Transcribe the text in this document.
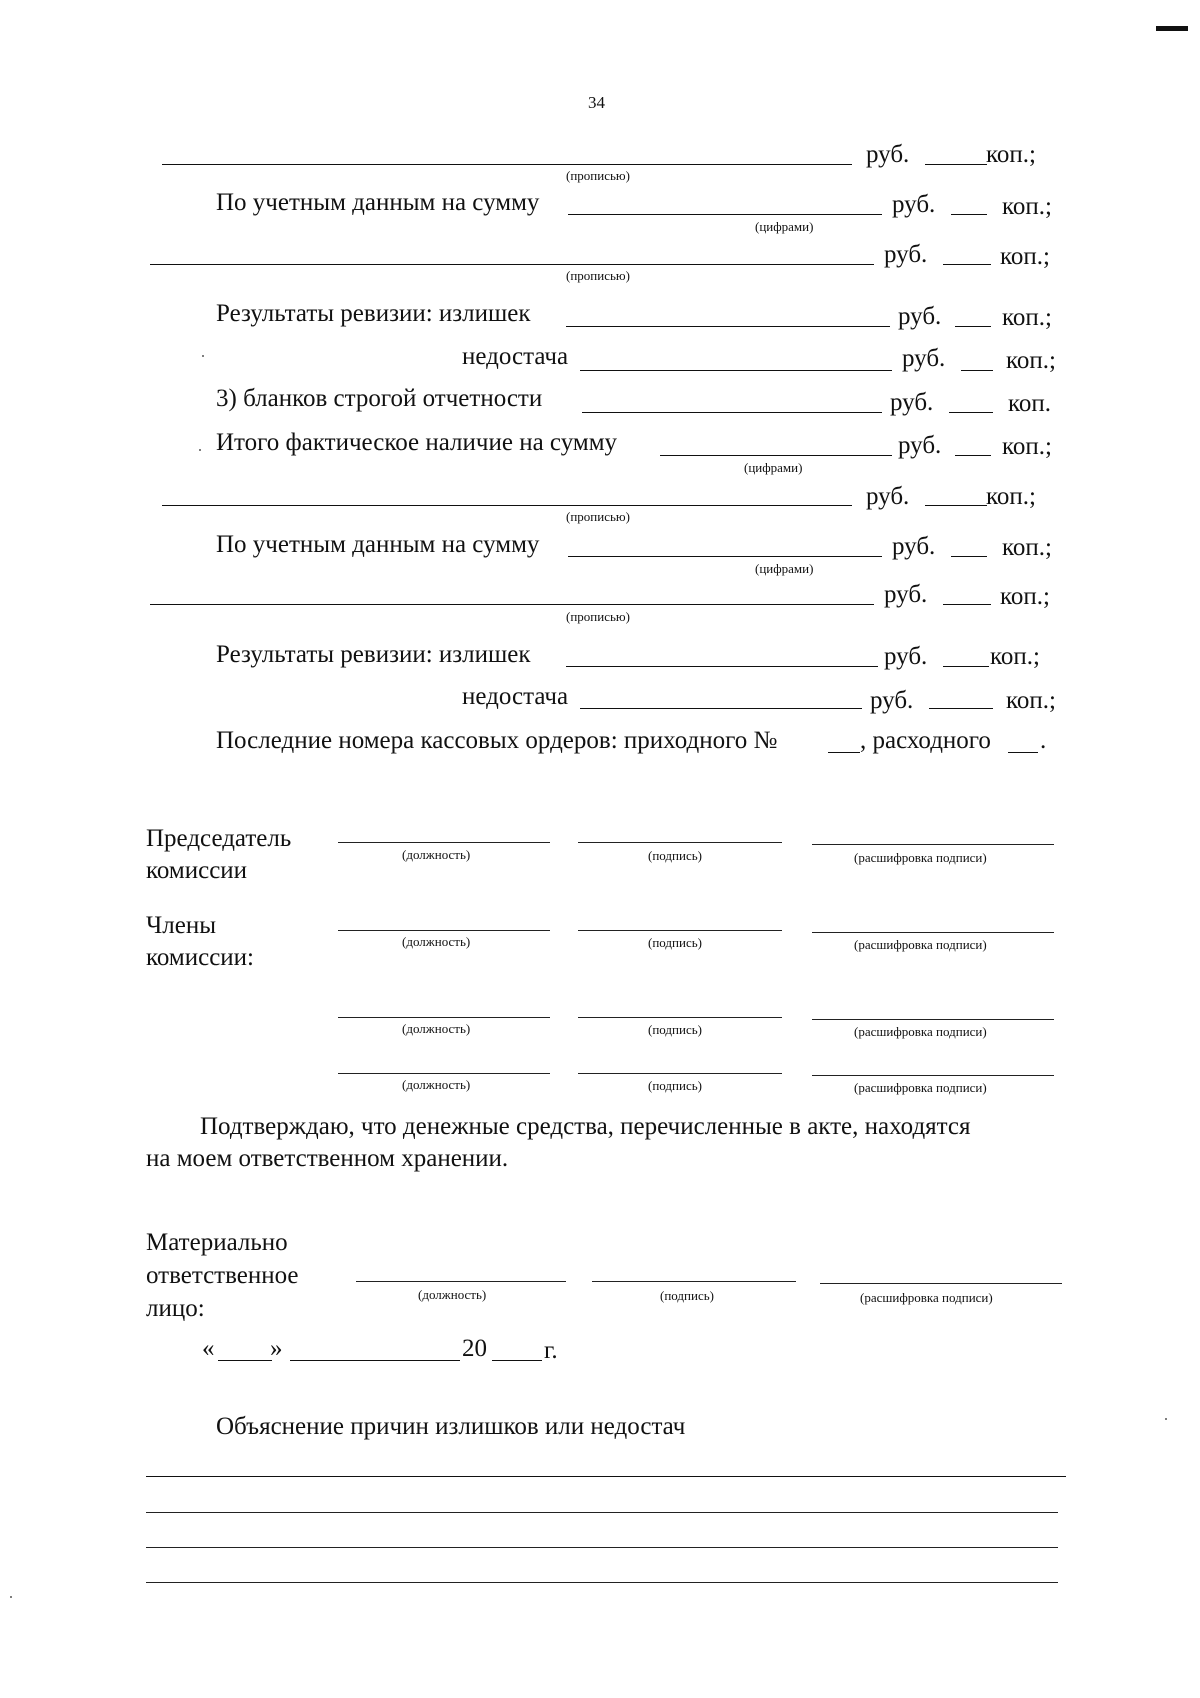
34
руб.	коп.;
(прописью)
По учетным данным на сумму	руб.	коп.;
(цифрами)
руб.	коп.;
(прописью)
Результаты ревизии: излишек	руб. коп.;
недостача	руб. коп.;
3) бланков строгой отчетности	руб.	коп.
Итого фактическое наличие на сумму	руб. коп.;
(цифрами)
руб.	коп.;
(прописью)
По учетным данным на сумму	руб.	коп.;
(цифрами)
руб.	коп.;
(прописью)
Результаты ревизии: излишек	руб.	коп.;
недостача	руб.	коп.;
Последние номера кассовых ордеров: приходного №	, расходного .
Председатель
комиссии
(должность)	(подпись)	(расшифровка подписи)
Члены
комиссии:
(должность)	(подпись)	(расшифровка подписи)
(должность)	(подпись)	(расшифровка подписи)
(должность)	(подпись)	(расшифровка подписи)
Подтверждаю, что денежные средства, перечисленные в акте, находятся
на моем ответственном хранении.
Материально
ответственное
лицо:
(должность)	(подпись)	(расшифровка подписи)
« »	20 г.
Объяснение причин излишков или недостач
